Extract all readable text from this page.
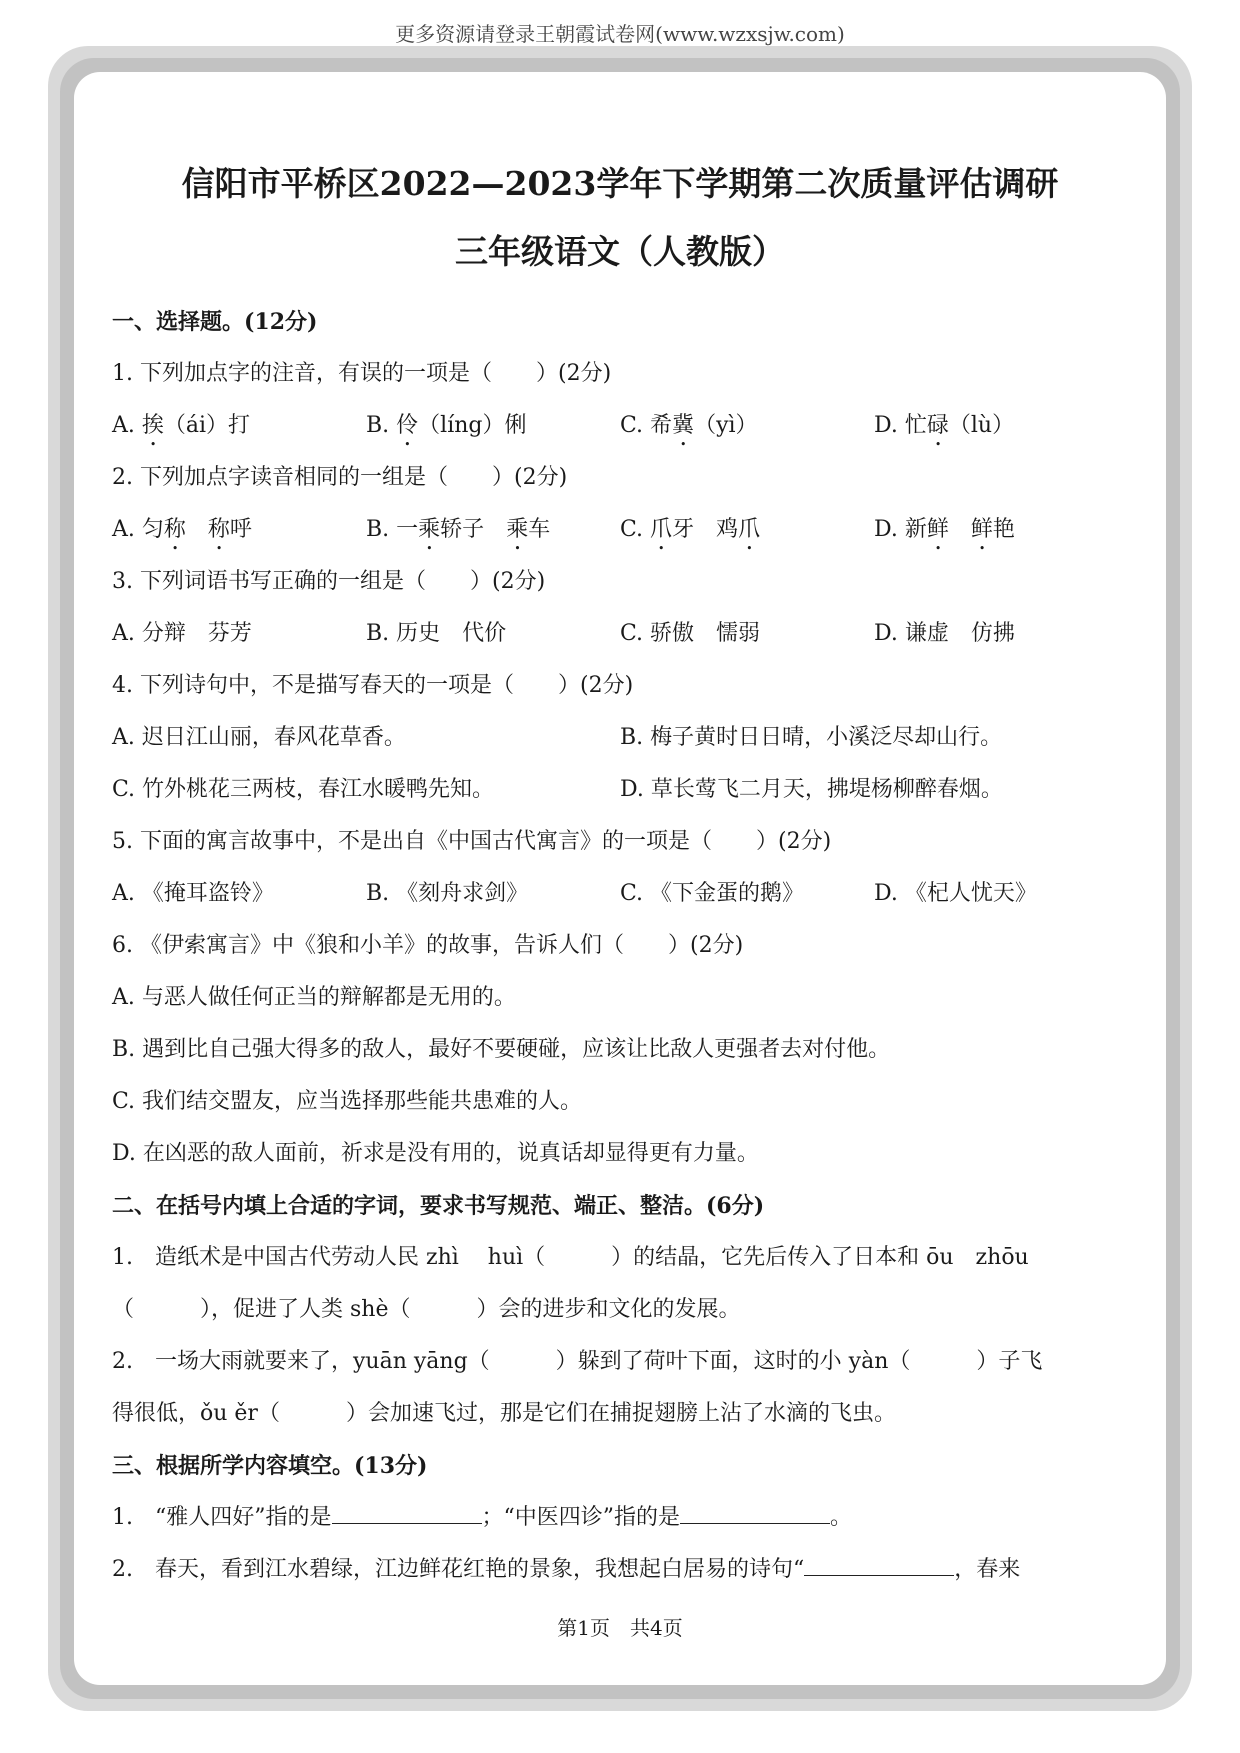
更多资源请登录王朝霞试卷网(www.wzxsjw.com)

信阳市平桥区2022—2023学年下学期第二次质量评估调研

三年级语文（人教版）

一、选择题。(12分)

1. 下列加点字的注音，有误的一项是（　　）(2分)

A. 挨（ái）打	B. 伶（líng）俐	C. 希冀（yì）	D. 忙碌（lù）

2. 下列加点字读音相同的一组是（　　）(2分)

A. 匀称　 称呼	B. 一乘轿子　乘车	C. 爪牙　鸡爪	D. 新鲜　 鲜艳

3. 下列词语书写正确的一组是（　　）(2分)

A. 分辩　芬芳	B. 历史　代价	C. 骄傲　懦弱	D. 谦虚　仿拂

4. 下列诗句中，不是描写春天的一项是（　　）(2分)

A. 迟日江山丽，春风花草香。	B. 梅子黄时日日晴，小溪泛尽却山行。
C. 竹外桃花三两枝，春江水暖鸭先知。	D. 草长莺飞二月天，拂堤杨柳醉春烟。

5. 下面的寓言故事中，不是出自《中国古代寓言》的一项是（　　）(2分)

A. 《掩耳盗铃》	B. 《刻舟求剑》	C. 《下金蛋的鹅》	D. 《杞人忧天》

6. 《伊索寓言》中《狼和小羊》的故事，告诉人们（　　）(2分)

A. 与恶人做任何正当的辩解都是无用的。

B. 遇到比自己强大得多的敌人，最好不要硬碰，应该让比敌人更强者去对付他。

C. 我们结交盟友，应当选择那些能共患难的人。

D. 在凶恶的敌人面前，祈求是没有用的，说真话却显得更有力量。

二、在括号内填上合适的字词，要求书写规范、端正、整洁。(6分)

1.　造纸术是中国古代劳动人民 zhì　 huì（　　　）的结晶，它先后传入了日本和 ōu　zhōu

（　　　），促进了人类 shè（　　　）会的进步和文化的发展。

2.　一场大雨就要来了，yuān yāng（　　　）躲到了荷叶下面，这时的小 yàn（　　　）子飞

得很低，ǒu ěr（　　　）会加速飞过，那是它们在捕捉翅膀上沾了水滴的飞虫。

三、根据所学内容填空。(13分)

1.　“雅人四好”指的是	；“中医四诊”指的是	。

2.　春天，看到江水碧绿，江边鲜花红艳的景象，我想起白居易的诗句“	，春来

第1页　共4页
